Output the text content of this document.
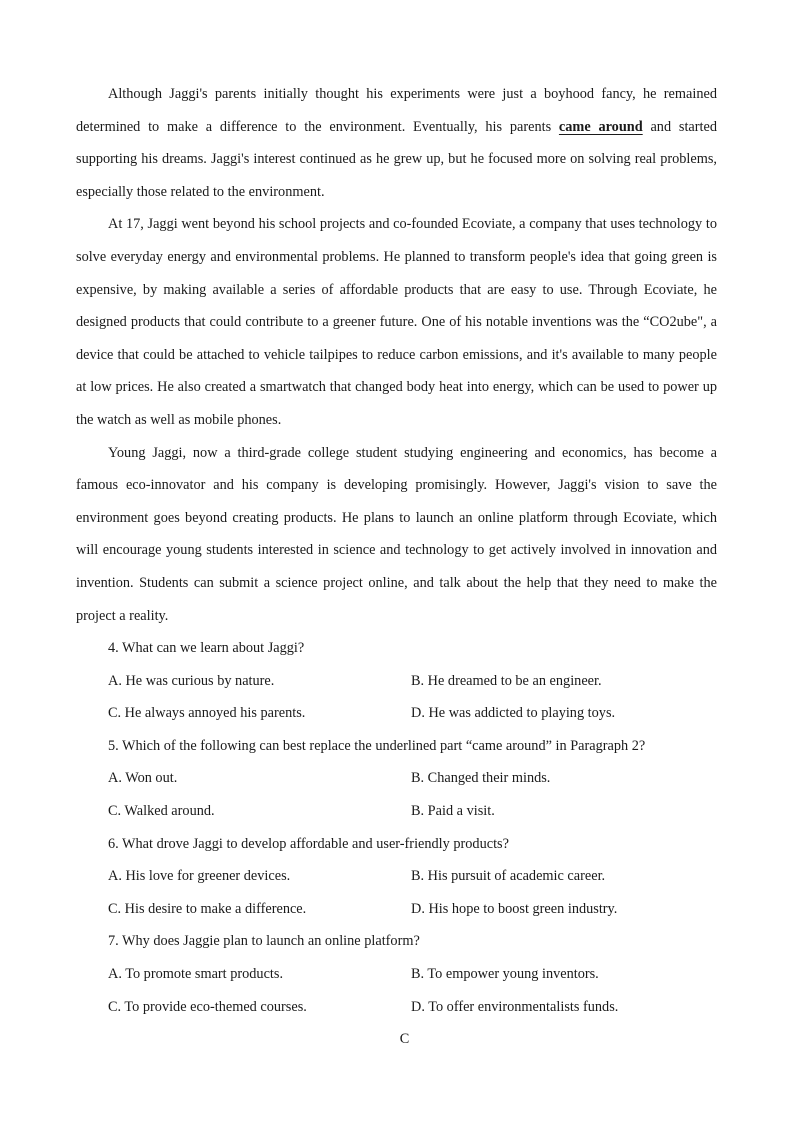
Although Jaggi's parents initially thought his experiments were just a boyhood fancy, he remained determined to make a difference to the environment. Eventually, his parents came around and started supporting his dreams. Jaggi's interest continued as he grew up, but he focused more on solving real problems, especially those related to the environment.

At 17, Jaggi went beyond his school projects and co-founded Ecoviate, a company that uses technology to solve everyday energy and environmental problems. He planned to transform people's idea that going green is expensive, by making available a series of affordable products that are easy to use. Through Ecoviate, he designed products that could contribute to a greener future. One of his notable inventions was the “CO2ube", a device that could be attached to vehicle tailpipes to reduce carbon emissions, and it's available to many people at low prices. He also created a smartwatch that changed body heat into energy, which can be used to power up the watch as well as mobile phones.

Young Jaggi, now a third-grade college student studying engineering and economics, has become a famous eco-innovator and his company is developing promisingly. However, Jaggi's vision to save the environment goes beyond creating products. He plans to launch an online platform through Ecoviate, which will encourage young students interested in science and technology to get actively involved in innovation and invention. Students can submit a science project online, and talk about the help that they need to make the project a reality.

4. What can we learn about Jaggi?

A. He was curious by nature.	B. He dreamed to be an engineer.
C. He always annoyed his parents.	D. He was addicted to playing toys.

5. Which of the following can best replace the underlined part “came around” in Paragraph 2?

A. Won out.	B. Changed their minds.
C. Walked around.	B. Paid a visit.

6. What drove Jaggi to develop affordable and user-friendly products?

A. His love for greener devices.	B. His pursuit of academic career.
C. His desire to make a difference.	D. His hope to boost green industry.

7. Why does Jaggie plan to launch an online platform?

A. To promote smart products.	B. To empower young inventors.
C. To provide eco-themed courses.	D. To offer environmentalists funds.
C
